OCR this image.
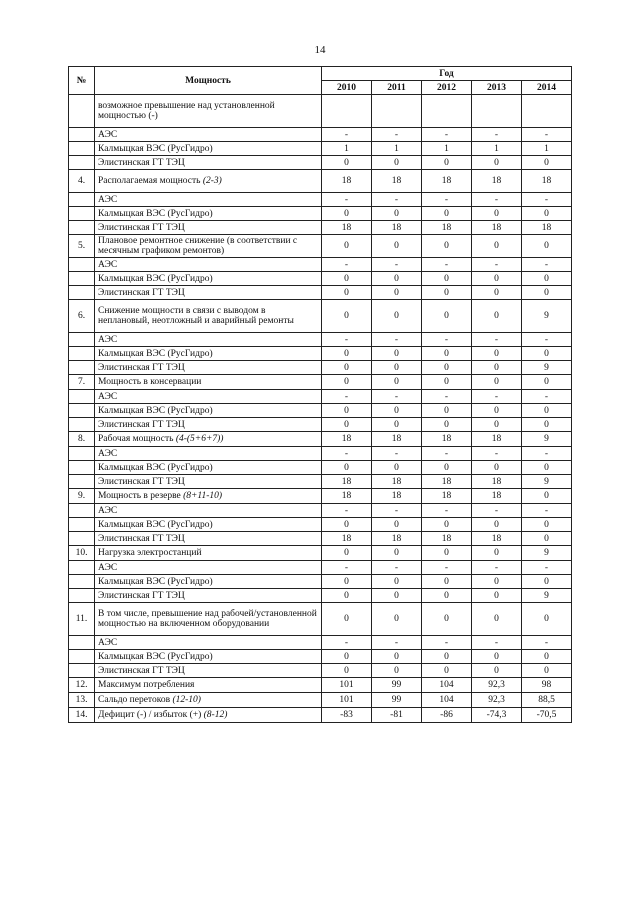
14
№	Мощность	Год				
		2010	2011	2012	2013	2014
	возможное превышение над установленной мощностью (-)					
	АЭС	-	-	-	-	-
	Калмыцкая ВЭС (РусГидро)	1	1	1	1	1
	Элистинская ГТ ТЭЦ	0	0	0	0	0
4.	Располагаемая мощность (2-3)	18	18	18	18	18
	АЭС	-	-	-	-	-
	Калмыцкая ВЭС (РусГидро)	0	0	0	0	0
	Элистинская ГТ ТЭЦ	18	18	18	18	18
5.	Плановое ремонтное снижение (в соответствии с месячным графиком ремонтов)	0	0	0	0	0
	АЭС	-	-	-	-	-
	Калмыцкая ВЭС (РусГидро)	0	0	0	0	0
	Элистинская ГТ ТЭЦ	0	0	0	0	0
6.	Снижение мощности в связи с выводом в неплановый, неотложный и аварийный ремонты	0	0	0	0	9
	АЭС	-	-	-	-	-
	Калмыцкая ВЭС (РусГидро)	0	0	0	0	0
	Элистинская ГТ ТЭЦ	0	0	0	0	9
7.	Мощность в консервации	0	0	0	0	0
	АЭС	-	-	-	-	-
	Калмыцкая ВЭС (РусГидро)	0	0	0	0	0
	Элистинская ГТ ТЭЦ	0	0	0	0	0
8.	Рабочая мощность (4-(5+6+7))	18	18	18	18	9
	АЭС	-	-	-	-	-
	Калмыцкая ВЭС (РусГидро)	0	0	0	0	0
	Элистинская ГТ ТЭЦ	18	18	18	18	9
9.	Мощность в резерве (8+11-10)	18	18	18	18	0
	АЭС	-	-	-	-	-
	Калмыцкая ВЭС (РусГидро)	0	0	0	0	0
	Элистинская ГТ ТЭЦ	18	18	18	18	0
10.	Нагрузка электростанций	0	0	0	0	9
	АЭС	-	-	-	-	-
	Калмыцкая ВЭС (РусГидро)	0	0	0	0	0
	Элистинская ГТ ТЭЦ	0	0	0	0	9
11.	В том числе, превышение над рабочей/установленной мощностью на включенном оборудовании	0	0	0	0	0
	АЭС	-	-	-	-	-
	Калмыцкая ВЭС (РусГидро)	0	0	0	0	0
	Элистинская ГТ ТЭЦ	0	0	0	0	0
12.	Максимум потребления	101	99	104	92,3	98
13.	Сальдо перетоков (12-10)	101	99	104	92,3	88,5
14.	Дефицит (-) / избыток (+) (8-12)	-83	-81	-86	-74,3	-70,5
